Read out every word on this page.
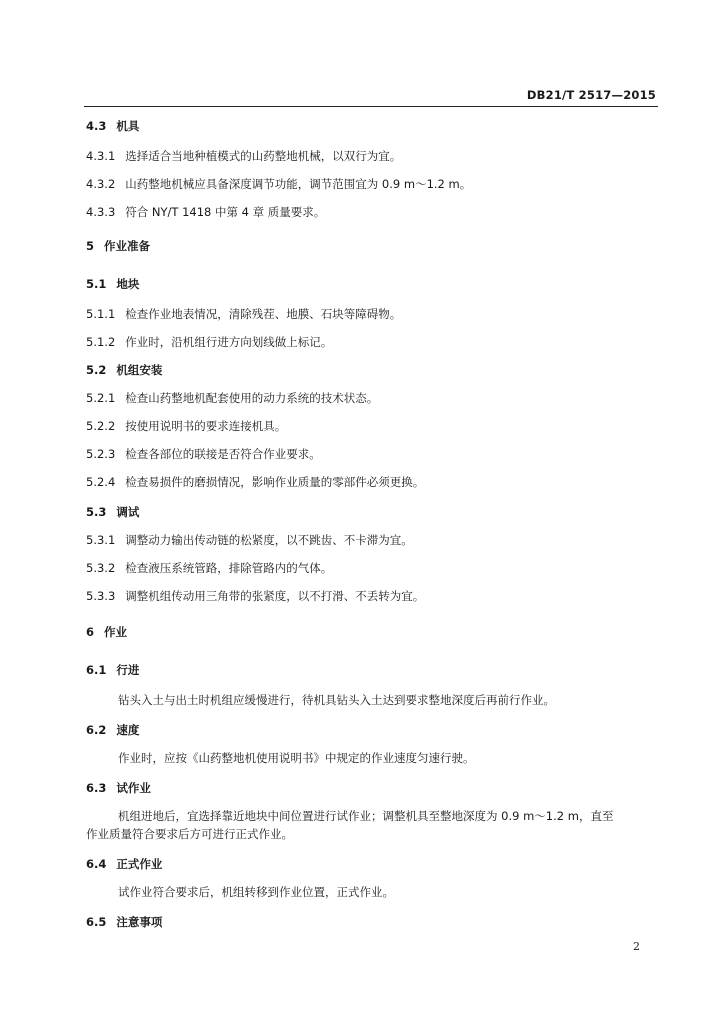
DB21/T 2517—2015
4.3 机具
4.3.1 选择适合当地种植模式的山药整地机械，以双行为宜。
4.3.2 山药整地机械应具备深度调节功能，调节范围宜为 0.9 m～1.2 m。
4.3.3 符合 NY/T 1418 中第 4 章 质量要求。
5 作业准备
5.1 地块
5.1.1 检查作业地表情况，清除残茬、地膜、石块等障碍物。
5.1.2 作业时，沿机组行进方向划线做上标记。
5.2 机组安装
5.2.1 检查山药整地机配套使用的动力系统的技术状态。
5.2.2 按使用说明书的要求连接机具。
5.2.3 检查各部位的联接是否符合作业要求。
5.2.4 检查易损件的磨损情况，影响作业质量的零部件必须更换。
5.3 调试
5.3.1 调整动力输出传动链的松紧度，以不跳齿、不卡滞为宜。
5.3.2 检查液压系统管路，排除管路内的气体。
5.3.3 调整机组传动用三角带的张紧度，以不打滑、不丢转为宜。
6 作业
6.1 行进
钻头入土与出土时机组应缓慢进行，待机具钻头入土达到要求整地深度后再前行作业。
6.2 速度
作业时，应按《山药整地机使用说明书》中规定的作业速度匀速行驶。
6.3 试作业
机组进地后，宜选择靠近地块中间位置进行试作业；调整机具至整地深度为 0.9 m～1.2 m，直至
作业质量符合要求后方可进行正式作业。
6.4 正式作业
试作业符合要求后，机组转移到作业位置，正式作业。
6.5 注意事项
2
